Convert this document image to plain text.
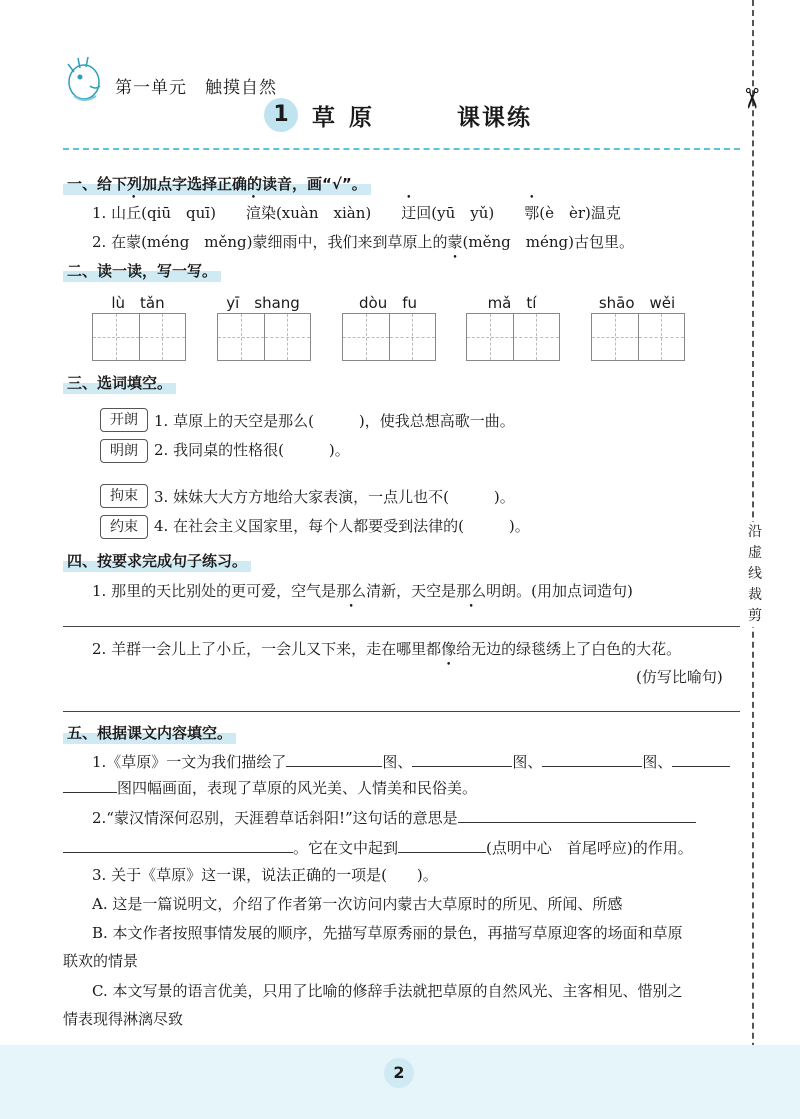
第一单元　触摸自然
1	草原	课课练
✂
沿虚线裁剪
一、给下列加点字选择正确的读音，画“√”。
1. 山丘(qiū　quī)　　渲染(xuàn　xiàn)　　迂回(yū　yǔ)　　鄂(è　èr)温克
2. 在蒙(méng　měng)蒙细雨中，我们来到草原上的蒙(měng　méng)古包里。
二、读一读，写一写。
lù　tǎn	yī　shang	dòu　fu	mǎ　tí	shāo　wěi
三、选词填空。
开朗
明朗
拘束
约束
1. 草原上的天空是那么(　　　)，使我总想高歌一曲。
2. 我同桌的性格很(　　　)。
3. 妹妹大大方方地给大家表演，一点儿也不(　　　)。
4. 在社会主义国家里，每个人都要受到法律的(　　　)。
四、按要求完成句子练习。
1. 那里的天比别处的更可爱，空气是那么清新，天空是那么明朗。(用加点词造句)
2. 羊群一会儿上了小丘，一会儿又下来，走在哪里都像给无边的绿毯绣上了白色的大花。
(仿写比喻句)
五、根据课文内容填空。
1.《草原》一文为我们描绘了	图、	图、	图、
图四幅画面，表现了草原的风光美、人情美和民俗美。
2.“蒙汉情深何忍别，天涯碧草话斜阳!”这句话的意思是
。它在文中起到	(点明中心　首尾呼应)的作用。
3. 关于《草原》这一课，说法正确的一项是(　　)。
A. 这是一篇说明文，介绍了作者第一次访问内蒙古大草原时的所见、所闻、所感
B. 本文作者按照事情发展的顺序，先描写草原秀丽的景色，再描写草原迎客的场面和草原
联欢的情景
C. 本文写景的语言优美，只用了比喻的修辞手法就把草原的自然风光、主客相见、惜别之
情表现得淋漓尽致
2
